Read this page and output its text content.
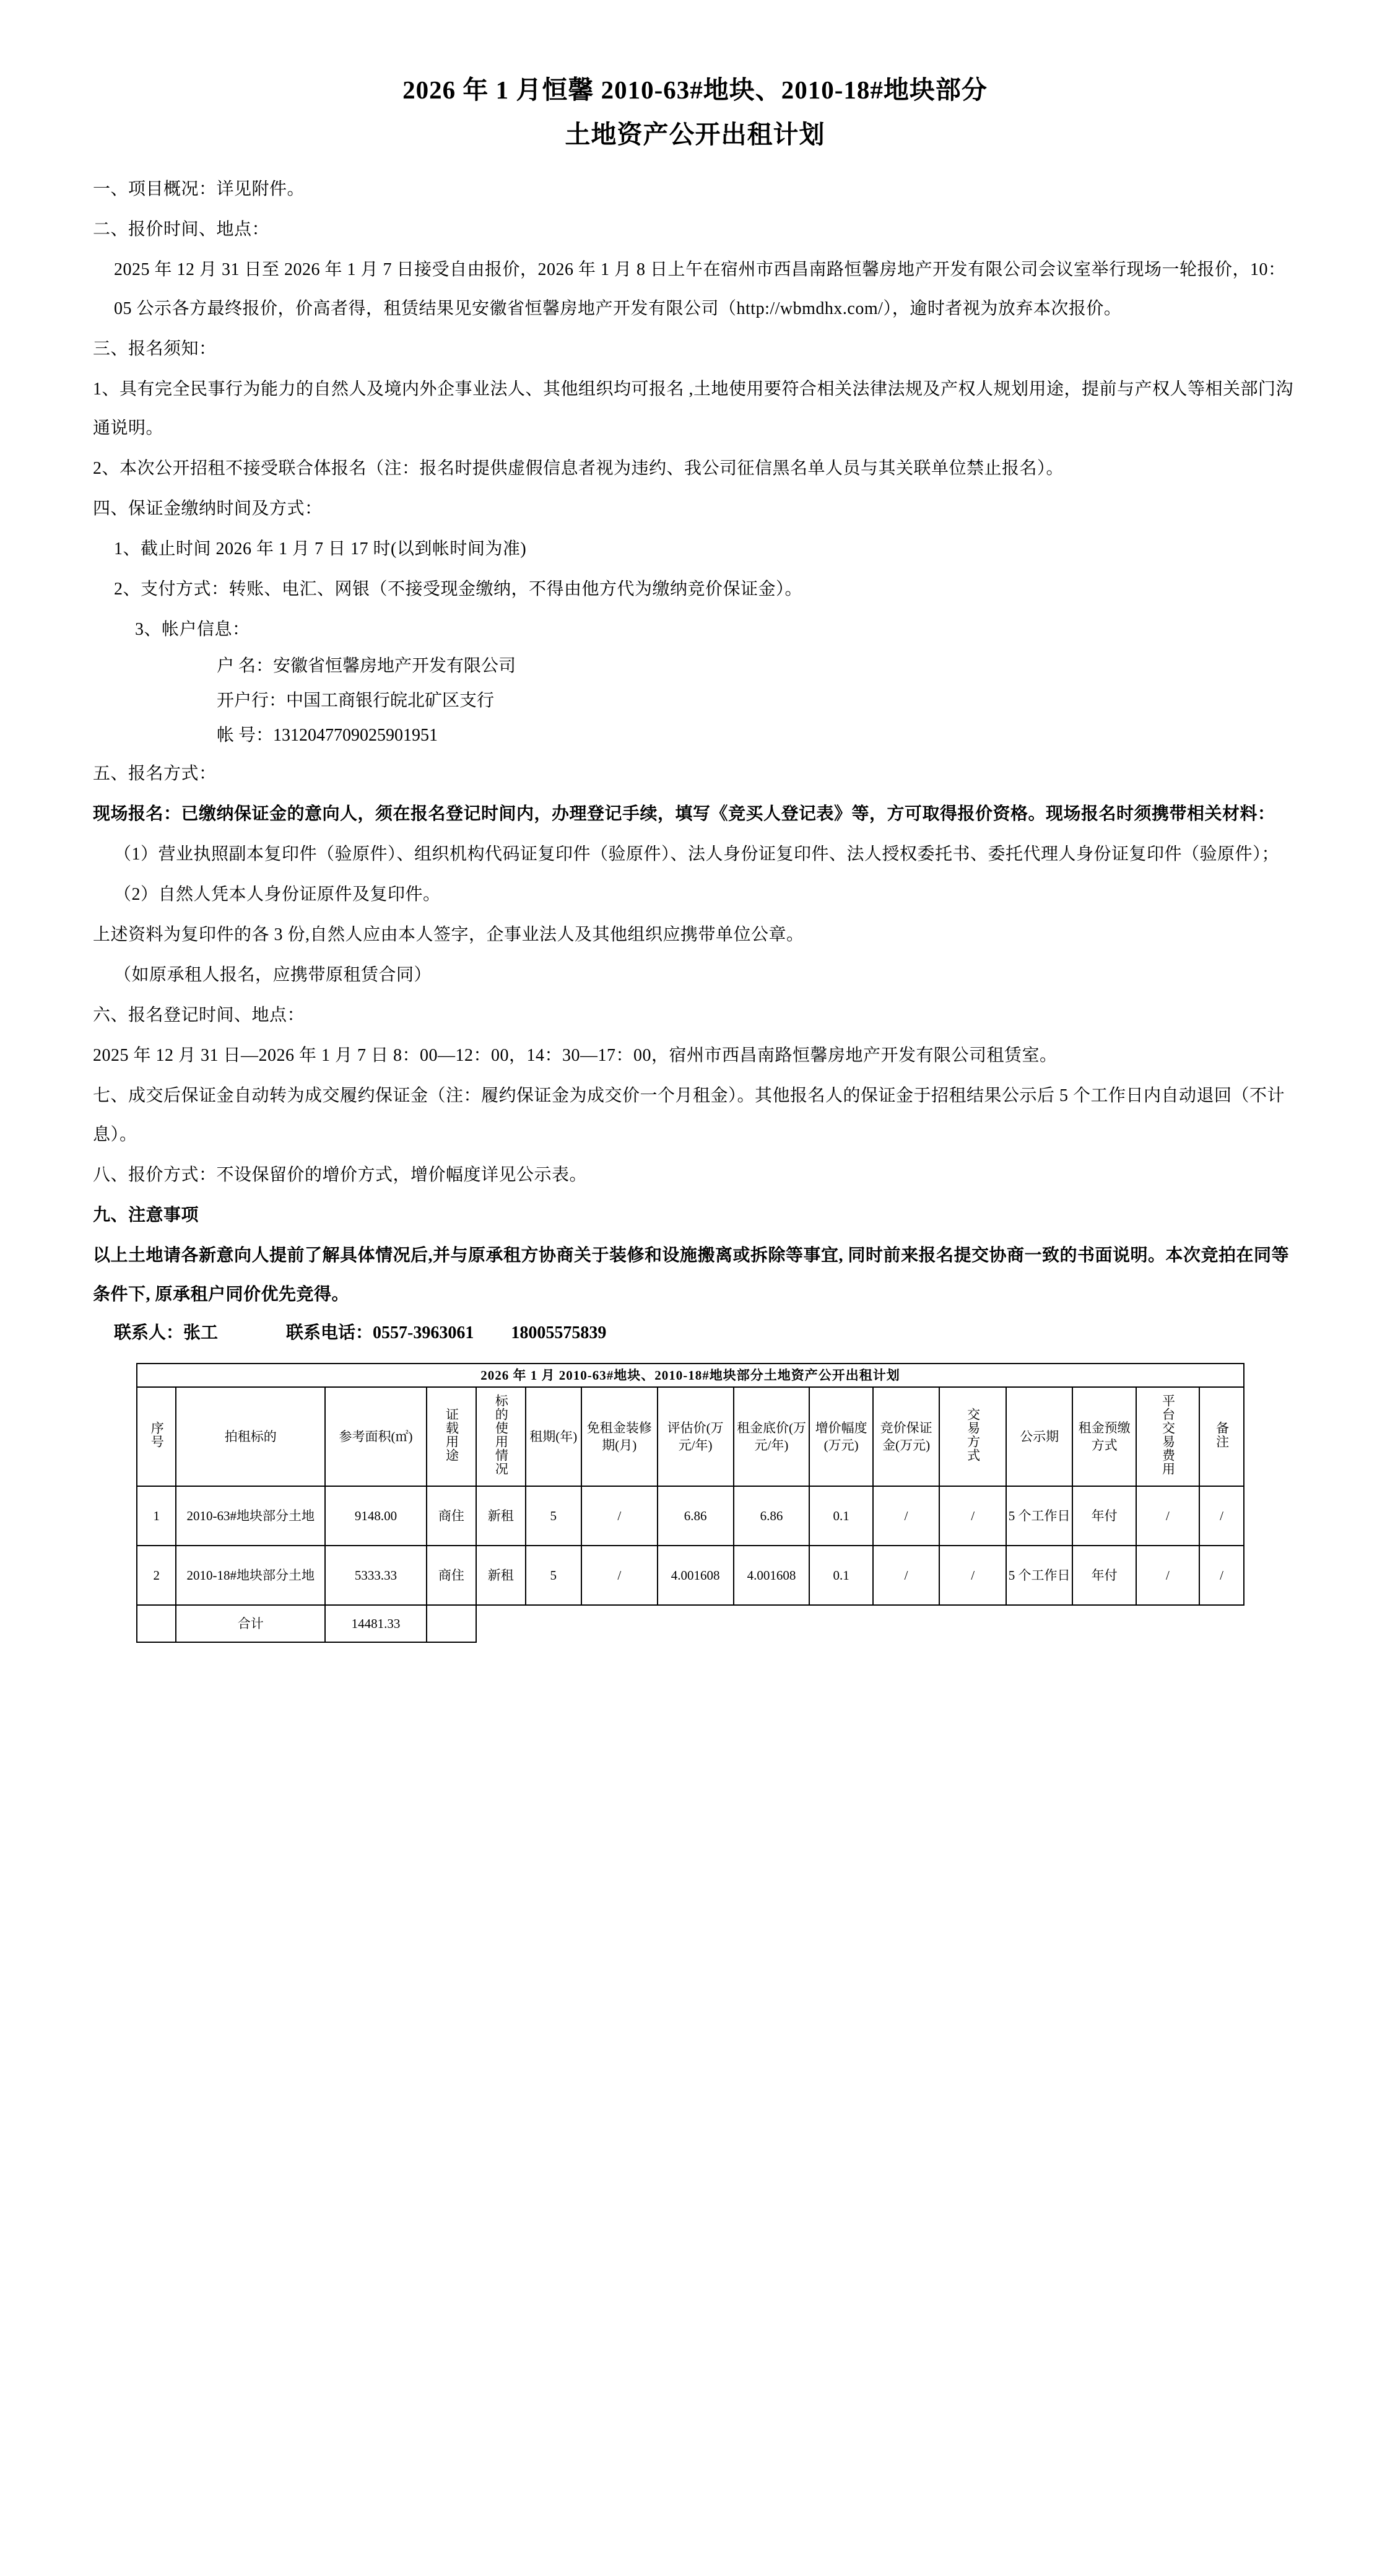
2026 年 1 月恒馨 2010-63#地块、2010-18#地块部分
土地资产公开出租计划

一、项目概况：详见附件。

二、报价时间、地点：

2025 年 12 月 31 日至 2026 年 1 月 7 日接受自由报价，2026 年 1 月 8 日上午在宿州市西昌南路恒馨房地产开发有限公司会议室举行现场一轮报价，10：05 公示各方最终报价，价高者得，租赁结果见安徽省恒馨房地产开发有限公司（http://wbmdhx.com/），逾时者视为放弃本次报价。

三、报名须知：

1、具有完全民事行为能力的自然人及境内外企事业法人、其他组织均可报名 ,土地使用要符合相关法律法规及产权人规划用途，提前与产权人等相关部门沟通说明。

2、本次公开招租不接受联合体报名（注：报名时提供虚假信息者视为违约、我公司征信黑名单人员与其关联单位禁止报名）。

四、保证金缴纳时间及方式：

1、截止时间 2026 年 1 月 7 日 17 时(以到帐时间为准)

2、支付方式：转账、电汇、网银（不接受现金缴纳，不得由他方代为缴纳竞价保证金）。

3、帐户信息：

户 名：安徽省恒馨房地产开发有限公司
开户行：中国工商银行皖北矿区支行
帐 号：1312047709025901951

五、报名方式：

现场报名：已缴纳保证金的意向人，须在报名登记时间内，办理登记手续，填写《竞买人登记表》等，方可取得报价资格。现场报名时须携带相关材料：

（1）营业执照副本复印件（验原件）、组织机构代码证复印件（验原件）、法人身份证复印件、法人授权委托书、委托代理人身份证复印件（验原件）；

（2）自然人凭本人身份证原件及复印件。

上述资料为复印件的各 3 份,自然人应由本人签字，企事业法人及其他组织应携带单位公章。

（如原承租人报名，应携带原租赁合同）

六、报名登记时间、地点：

2025 年 12 月 31 日—2026 年 1 月 7 日 8：00—12：00，14：30—17：00，宿州市西昌南路恒馨房地产开发有限公司租赁室。

七、成交后保证金自动转为成交履约保证金（注：履约保证金为成交价一个月租金）。其他报名人的保证金于招租结果公示后 5 个工作日内自动退回（不计息）。

八、报价方式：不设保留价的增价方式，增价幅度详见公示表。

九、注意事项

以上土地请各新意向人提前了解具体情况后,并与原承租方协商关于装修和设施搬离或拆除等事宜, 同时前来报名提交协商一致的书面说明。本次竞拍在同等条件下, 原承租户同价优先竞得。

联系人：张工	联系电话：0557-3963061 18005575839
2026 年 1 月 2010-63#地块、2010-18#地块部分土地资产公开出租计划															
序号	拍租标的	参考面积(㎡)	证载用途	标的使用情况	租期(年)	免租金装修期(月)	评估价(万元/年)	租金底价(万元/年)	增价幅度(万元)	竞价保证金(万元)	交易方式	公示期	租金预缴方式	平台交易费用	备注
1	2010-63#地块部分土地	9148.00	商住	新租	5	/	6.86	6.86	0.1	/	/	5 个工作日	年付	/	/
2	2010-18#地块部分土地	5333.33	商住	新租	5	/	4.001608	4.001608	0.1	/	/	5 个工作日	年付	/	/
	合计	14481.33													
